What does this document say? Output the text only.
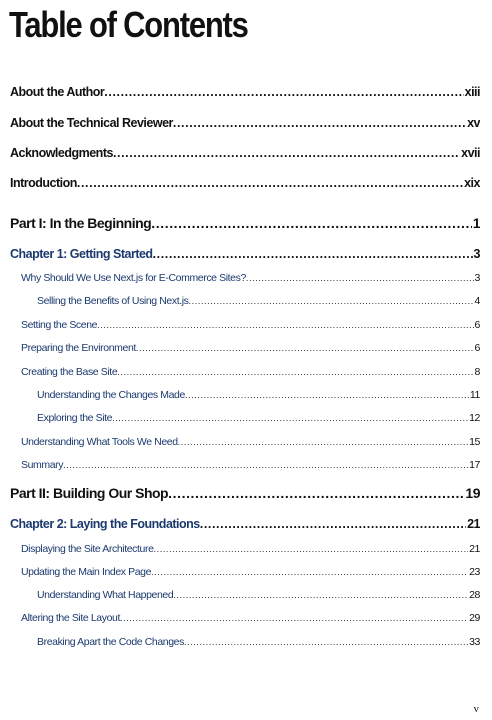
Table of Contents
About the Author .....	xiii
About the Technical Reviewer .....	xv
Acknowledgments .....	xvii
Introduction .....	xix
Part I: In the Beginning .....	1
Chapter 1: Getting Started .....	3
Why Should We Use Next.js for E-Commerce Sites? .....	3
Selling the Benefits of Using Next.js .....	4
Setting the Scene .....	6
Preparing the Environment .....	6
Creating the Base Site .....	8
Understanding the Changes Made .....	11
Exploring the Site .....	12
Understanding What Tools We Need .....	15
Summary .....	17
Part II: Building Our Shop .....	19
Chapter 2: Laying the Foundations .....	21
Displaying the Site Architecture .....	21
Updating the Main Index Page .....	23
Understanding What Happened .....	28
Altering the Site Layout .....	29
Breaking Apart the Code Changes .....	33
v
